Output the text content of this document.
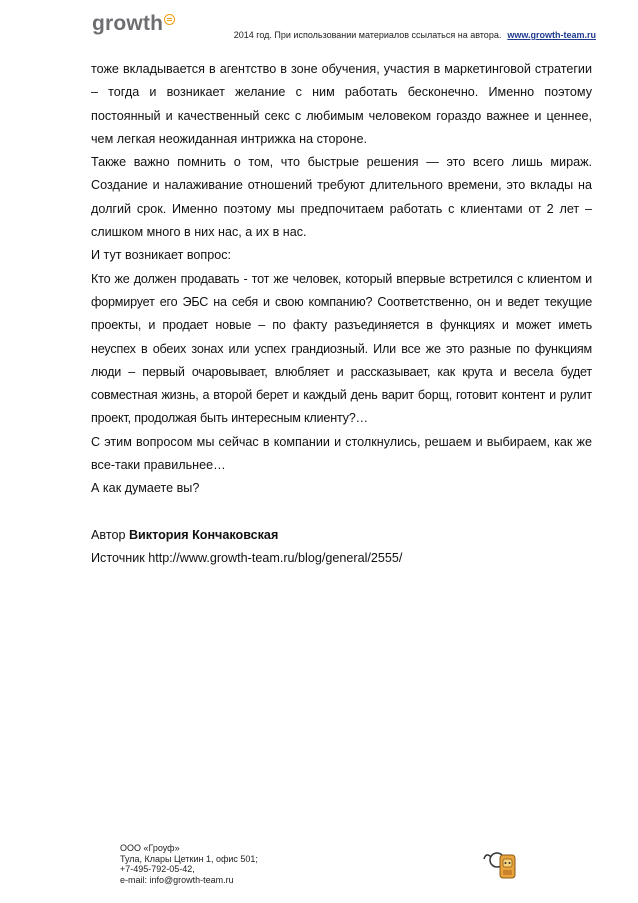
growth	2014 год. При использовании материалов ссылаться на автора. www.growth-team.ru

тоже вкладывается в агентство в зоне обучения, участия в маркетинговой стратегии – тогда и возникает желание с ним работать бесконечно. Именно поэтому постоянный и качественный секс с любимым человеком гораздо важнее и ценнее, чем легкая неожиданная интрижка на стороне.

Также важно помнить о том, что быстрые решения — это всего лишь мираж. Создание и налаживание отношений требуют длительного времени, это вклады на долгий срок. Именно поэтому мы предпочитаем работать с клиентами от 2 лет – слишком много в них нас, а их в нас.

И тут возникает вопрос:

Кто же должен продавать - тот же человек, который впервые встретился с клиентом и формирует его ЭБС на себя и свою компанию? Соответственно, он и ведет текущие проекты, и продает новые – по факту разъединяется в функциях и может иметь неуспех в обеих зонах или успех грандиозный. Или все же это разные по функциям люди – первый очаровывает, влюбляет и рассказывает, как крута и весела будет совместная жизнь, а второй берет и каждый день варит борщ, готовит контент и рулит проект, продолжая быть интересным клиенту?…

С этим вопросом мы сейчас в компании и столкнулись, решаем и выбираем, как же все-таки правильнее…

А как думаете вы?

Автор Виктория Кончаковская

Источник http://www.growth-team.ru/blog/general/2555/

ООО «Гроуф»
Тула, Клары Цеткин 1, офис 501;
+7-495-792-05-42,
e-mail: info@growth-team.ru
